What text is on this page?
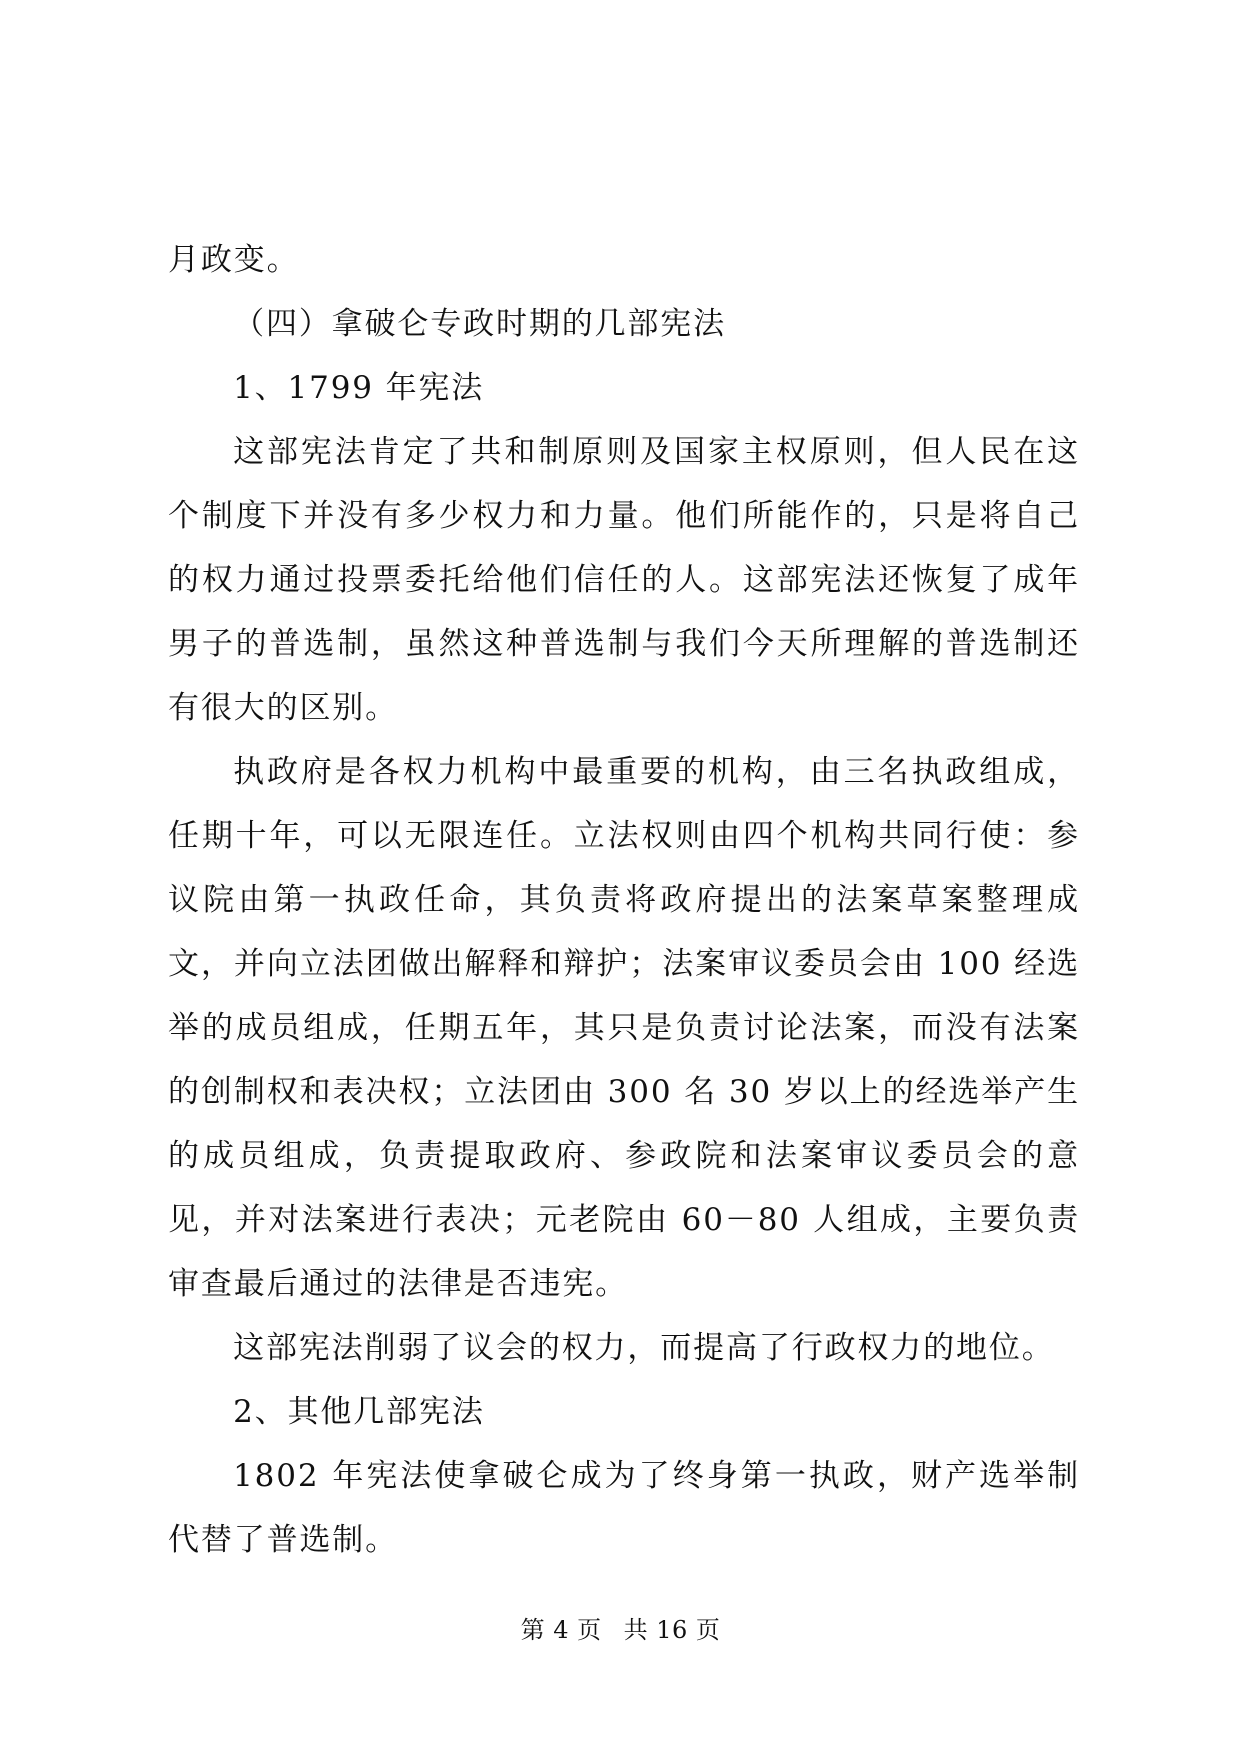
月政变。

（四）拿破仑专政时期的几部宪法

1、1799 年宪法

这部宪法肯定了共和制原则及国家主权原则，但人民在这个制度下并没有多少权力和力量。他们所能作的，只是将自己的权力通过投票委托给他们信任的人。这部宪法还恢复了成年男子的普选制，虽然这种普选制与我们今天所理解的普选制还有很大的区别。

执政府是各权力机构中最重要的机构，由三名执政组成，任期十年，可以无限连任。立法权则由四个机构共同行使：参议院由第一执政任命，其负责将政府提出的法案草案整理成文，并向立法团做出解释和辩护；法案审议委员会由 100 经选举的成员组成，任期五年，其只是负责讨论法案，而没有法案的创制权和表决权；立法团由 300 名 30 岁以上的经选举产生的成员组成，负责提取政府、参政院和法案审议委员会的意见，并对法案进行表决；元老院由 60－80 人组成，主要负责审查最后通过的法律是否违宪。

这部宪法削弱了议会的权力，而提高了行政权力的地位。

2、其他几部宪法

1802 年宪法使拿破仑成为了终身第一执政，财产选举制代替了普选制。

第 4 页 共 16 页
